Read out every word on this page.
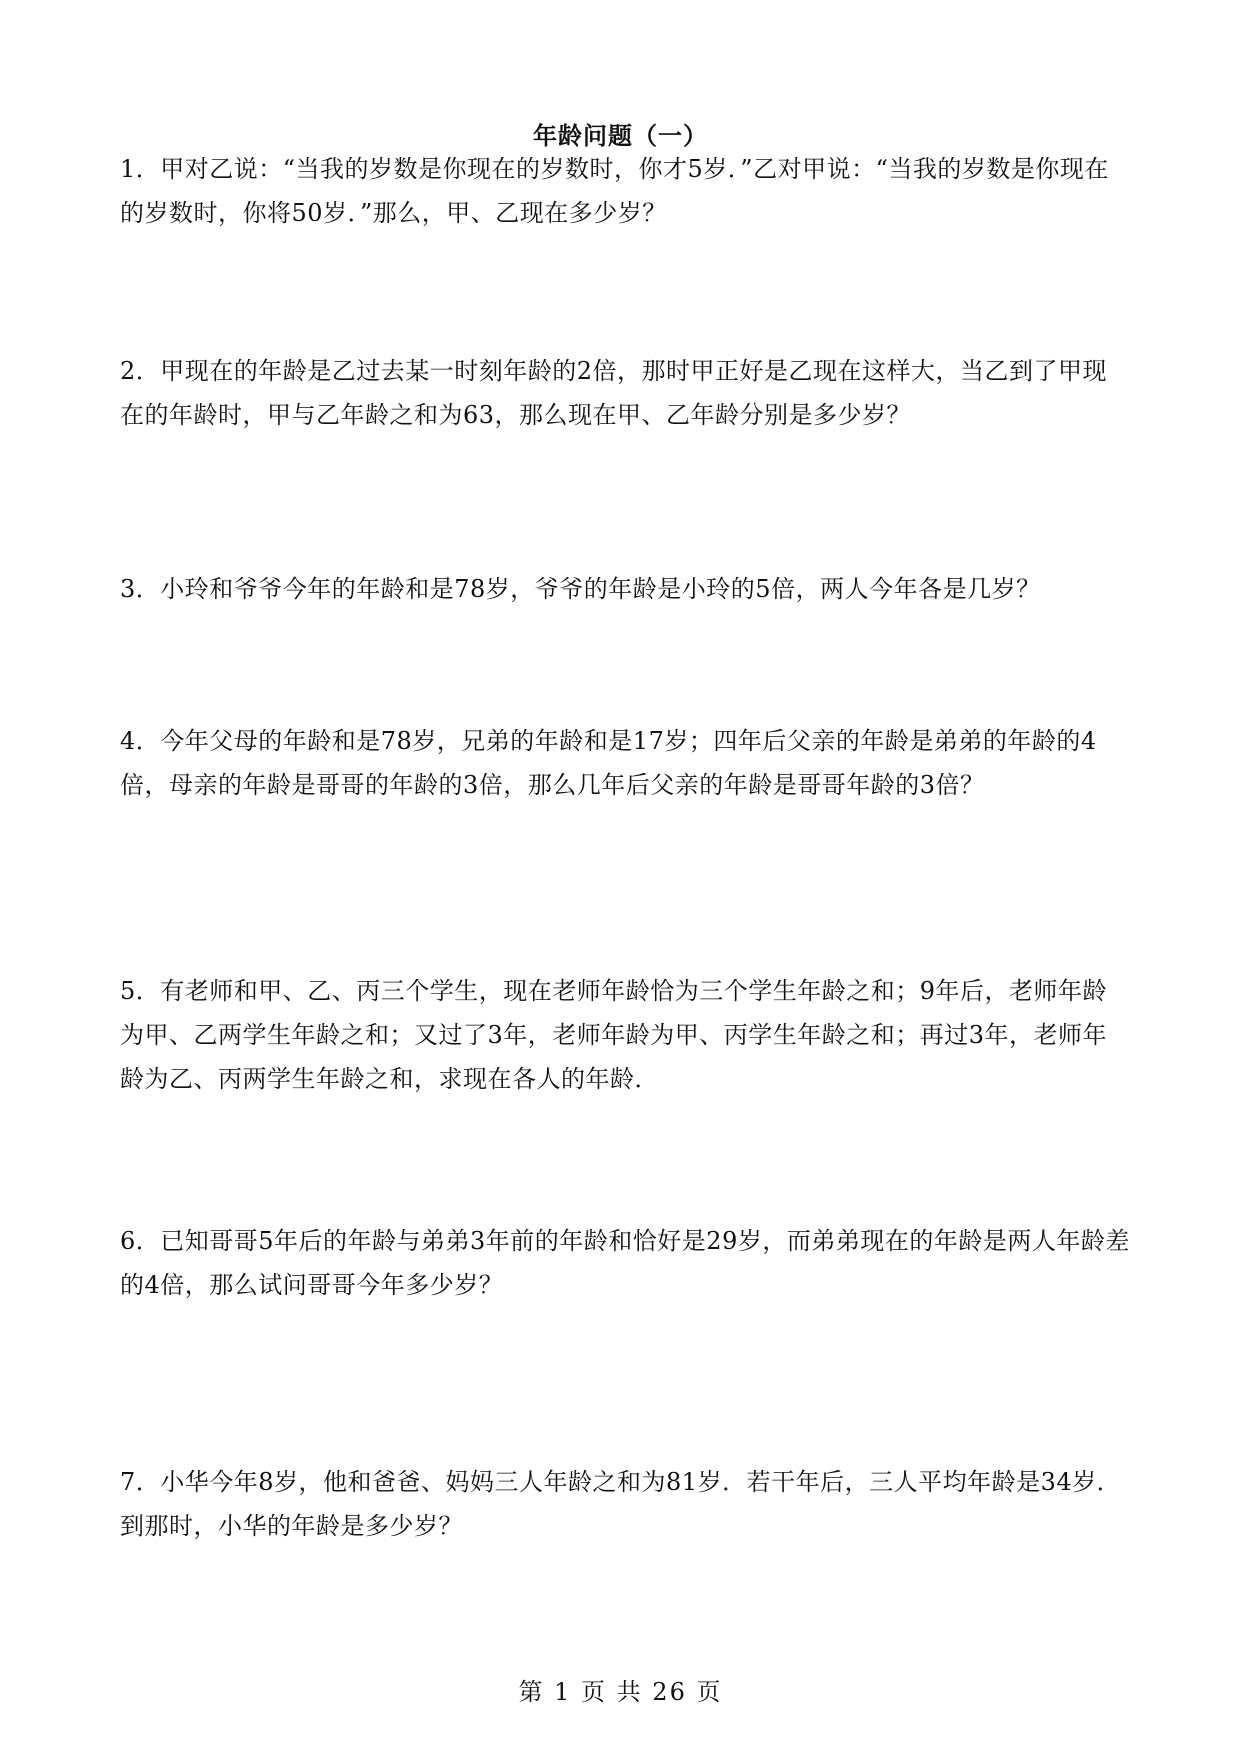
年龄问题（一）
1．甲对乙说：“当我的岁数是你现在的岁数时，你才5岁．”乙对甲说：“当我的岁数是你现在的岁数时，你将50岁．”那么，甲、乙现在多少岁？
2．甲现在的年龄是乙过去某一时刻年龄的2倍，那时甲正好是乙现在这样大，当乙到了甲现在的年龄时，甲与乙年龄之和为63，那么现在甲、乙年龄分别是多少岁？
3．小玲和爷爷今年的年龄和是78岁，爷爷的年龄是小玲的5倍，两人今年各是几岁？
4．今年父母的年龄和是78岁，兄弟的年龄和是17岁；四年后父亲的年龄是弟弟的年龄的4倍，母亲的年龄是哥哥的年龄的3倍，那么几年后父亲的年龄是哥哥年龄的3倍？
5．有老师和甲、乙、丙三个学生，现在老师年龄恰为三个学生年龄之和；9年后，老师年龄为甲、乙两学生年龄之和；又过了3年，老师年龄为甲、丙学生年龄之和；再过3年，老师年龄为乙、丙两学生年龄之和，求现在各人的年龄．
6．已知哥哥5年后的年龄与弟弟3年前的年龄和恰好是29岁，而弟弟现在的年龄是两人年龄差的4倍，那么试问哥哥今年多少岁？
7．小华今年8岁，他和爸爸、妈妈三人年龄之和为81岁．若干年后，三人平均年龄是34岁．到那时，小华的年龄是多少岁？
第 1 页 共 26 页
